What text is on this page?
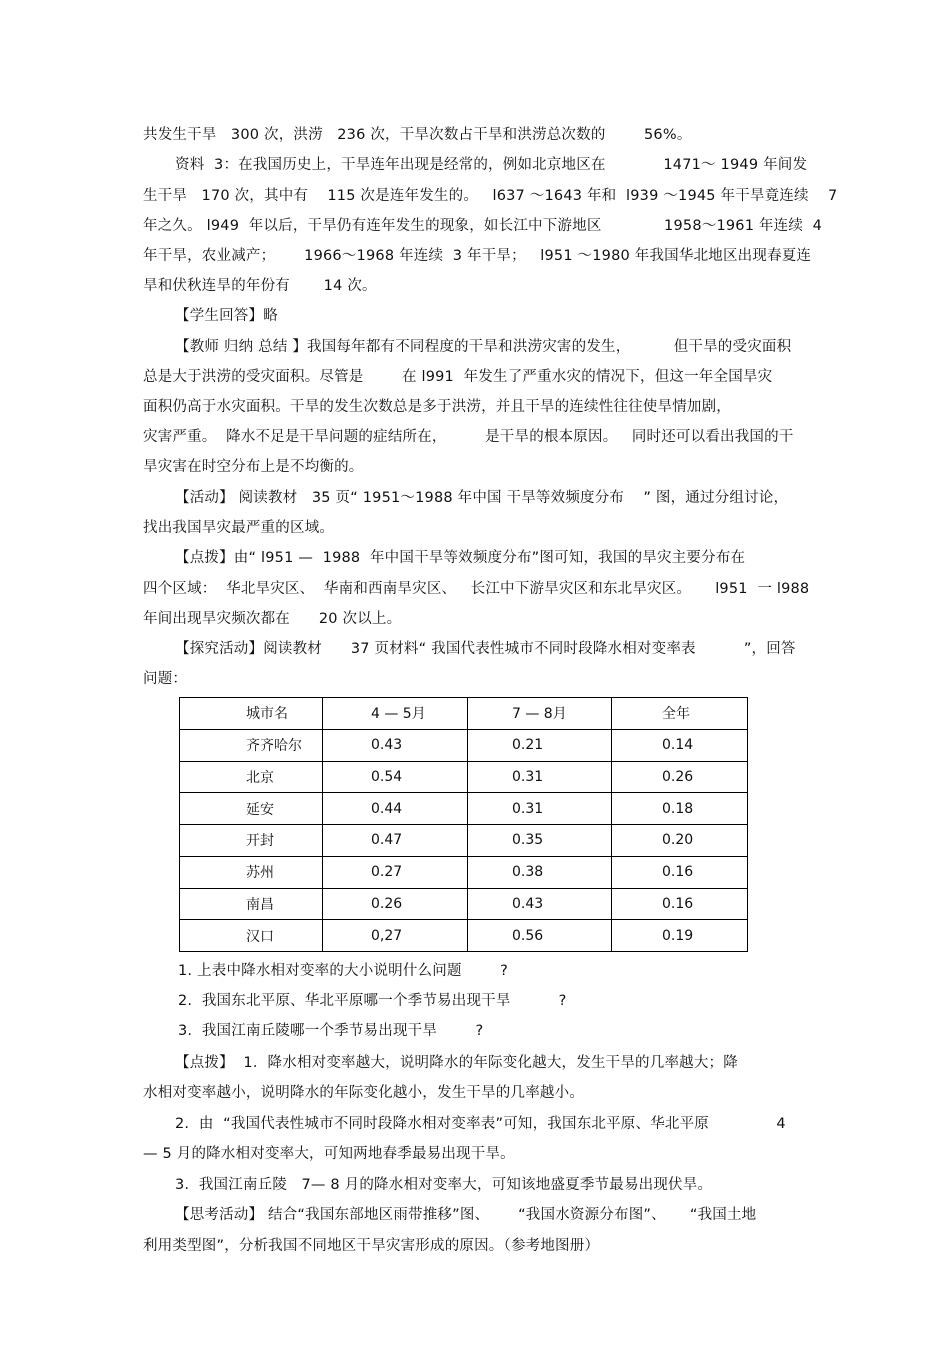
共发生干旱   300 次，洪涝   236 次，干旱次数占干旱和洪涝总次数的        56%。
资料  3：在我国历史上，干旱连年出现是经常的，例如北京地区在            1471～ 1949 年间发
生干旱   170 次，其中有    115 次是连年发生的。   l637 ～1643 年和  l939 ～1945 年干旱竟连续    7
年之久。 l949  年以后，干旱仍有连年发生的现象，如长江中下游地区             1958～1961 年连续  4
年干旱，农业减产；      1966～1968 年连续  3 年干旱；   l951 ～1980 年我国华北地区出现春夏连
旱和伏秋连旱的年份有       14 次。
【学生回答】略
【教师 归纳 总结 】我国每年都有不同程度的干旱和洪涝灾害的发生，         但干旱的受灾面积
总是大于洪涝的受灾面积。尽管是        在 l991  年发生了严重水灾的情况下，但这一年全国旱灾
面积仍高于水灾面积。干旱的发生次数总是多于洪涝，并且干旱的连续性往往使旱情加剧，
灾害严重。  降水不足是干旱问题的症结所在，        是干旱的根本原因。   同时还可以看出我国的干
旱灾害在时空分布上是不均衡的。
【活动】 阅读教材   35 页“ 1951～1988 年中国 干旱等效频度分布    ” 图，通过分组讨论，
找出我国旱灾最严重的区域。
【点拨】由“ l951 —  1988  年中国干旱等效频度分布”图可知，我国的旱灾主要分布在
四个区域：  华北旱灾区、  华南和西南旱灾区、   长江中下游旱灾区和东北旱灾区。     l951  一 l988
年间出现旱灾频次都在      20 次以上。
【探究活动】阅读教材      37 页材料“ 我国代表性城市不同时段降水相对变率表          ”，回答
问题：
城市名	4 — 5月	7 — 8月	全年
齐齐哈尔	0.43	0.21	0.14
北京	0.54	0.31	0.26
延安	0.44	0.31	0.18
开封	0.47	0.35	0.20
苏州	0.27	0.38	0.16
南昌	0.26	0.43	0.16
汉口	0,27	0.56	0.19
1. 上表中降水相对变率的大小说明什么问题        ?
2.  我国东北平原、华北平原哪一个季节易出现干旱          ?
3.  我国江南丘陵哪一个季节易出现干旱        ?
【点拨】  1．降水相对变率越大，说明降水的年际变化越大，发生干旱的几率越大；降
水相对变率越小，说明降水的年际变化越小，发生干旱的几率越小。
2.  由  “我国代表性城市不同时段降水相对变率表”可知，我国东北平原、华北平原              4
— 5 月的降水相对变率大，可知两地春季最易出现干旱。
3.  我国江南丘陵   7— 8 月的降水相对变率大，可知该地盛夏季节最易出现伏旱。
【思考活动】 结合“我国东部地区雨带推移”图、      “我国水资源分布图”、     “我国土地
利用类型图”，分析我国不同地区干旱灾害形成的原因。（参考地图册）
